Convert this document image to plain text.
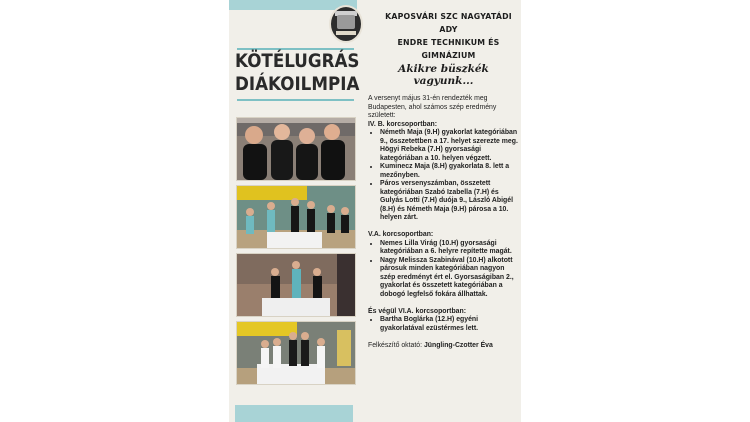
KAPOSVÁRI SZC NAGYATÁDI ADY
ENDRE TECHNIKUM ÉS GIMNÁZIUM
KÖTÉLUGRÁS
DIÁKOILMPIA
Akikre büszkék vagyunk...

A versenyt május 31-én rendezték meg Budapesten, ahol számos szép eredmény született:

IV. B. korcsoportban:

• Németh Maja (9.H) gyakorlat kategóriában 9., összetettben a 17. helyet szerezte meg. Högyi Rebeka (7.H) gyorsasági kategóriában a 10. helyen végzett.
• Kuminecz Maja (8.H) gyakorlata 8. lett a mezőnyben.
• Páros versenyszámban, összetett kategóriában Szabó Izabella (7.H) és Gulyás Lotti (7.H) duója 9., László Abigél (8.H) és Németh Maja (9.H) párosa a 10. helyen zárt.

V.A. korcsoportban:

• Nemes Lilla Virág (10.H) gyorsasági kategóriában a 6. helyre repítette magát.
• Nagy Melissza Szabinával (10.H) alkotott párosuk minden kategóriában nagyon szép eredményt ért el. Gyorsaságiban 2., gyakorlat és összetett kategóriában a dobogó legfelső fokára állhattak.

És végül VI.A. korcsoportban:

• Bartha Boglárka (12.H) egyéni gyakorlatával ezüstérmes lett.

Felkészítő oktató: Jüngling-Czotter Éva
